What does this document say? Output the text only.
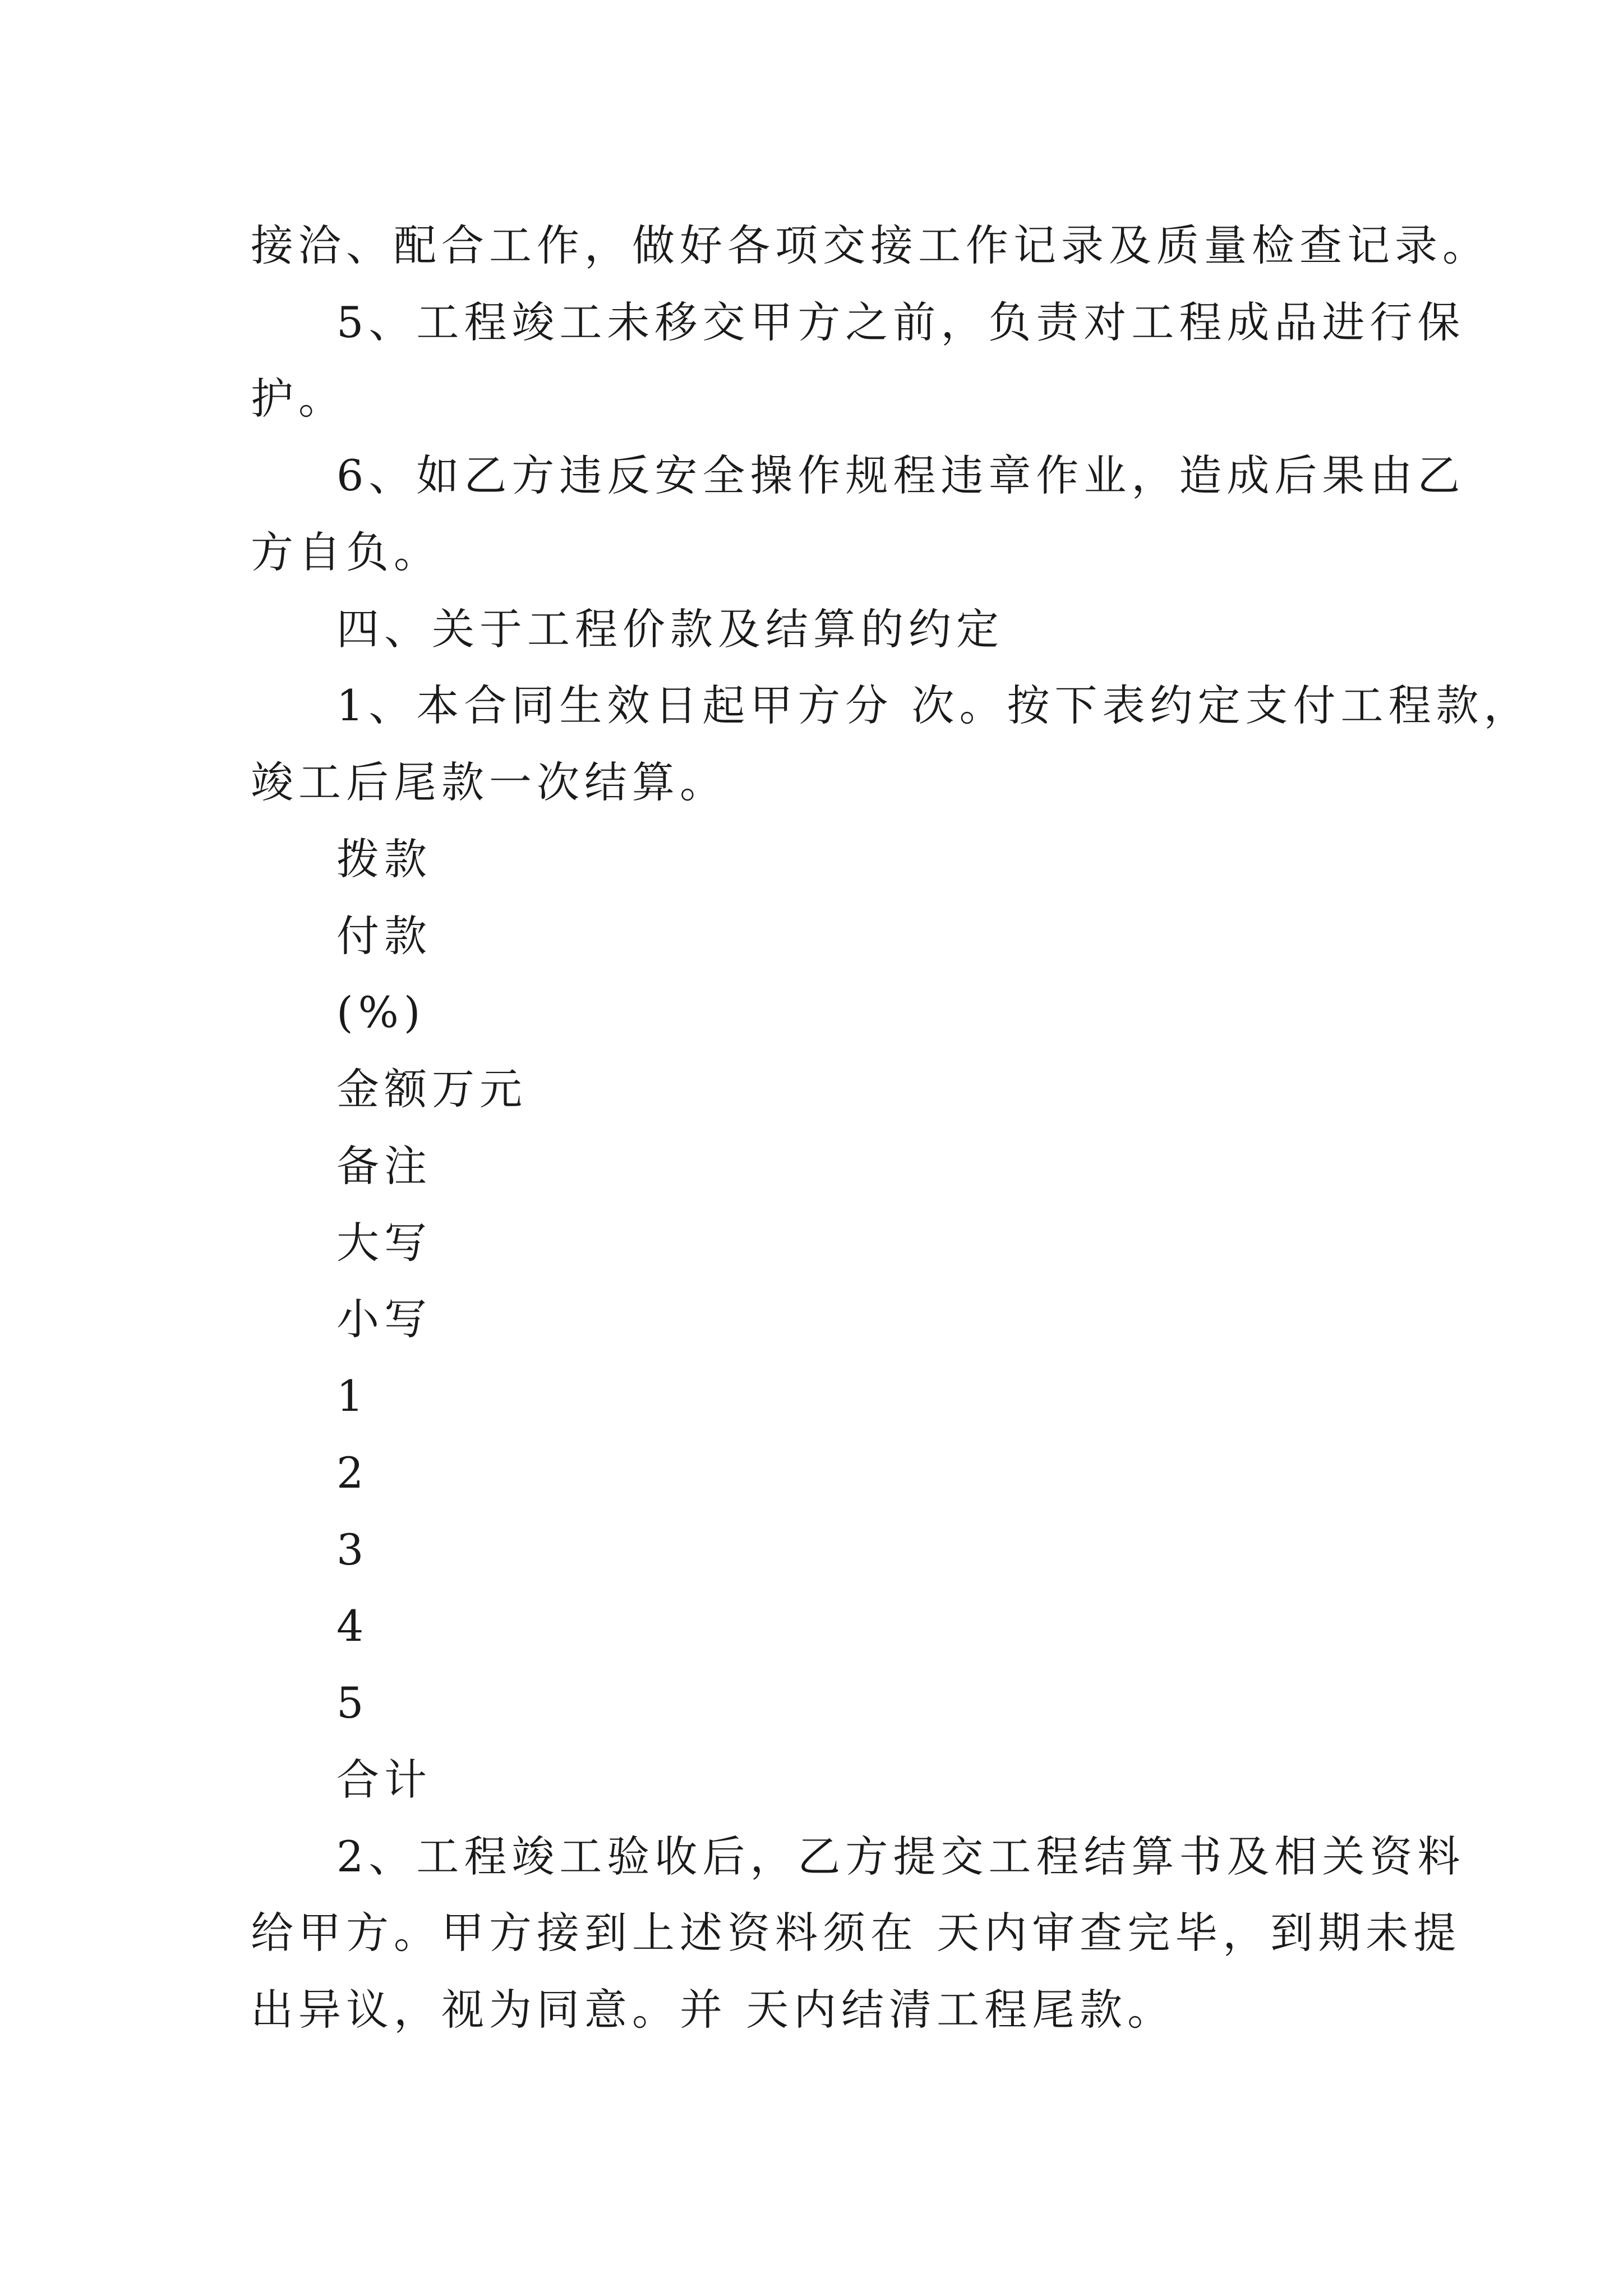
接洽、配合工作，做好各项交接工作记录及质量检查记录。

5、工程竣工未移交甲方之前，负责对工程成品进行保

护。

6、如乙方违反安全操作规程违章作业，造成后果由乙

方自负。

四、关于工程价款及结算的约定

1、本合同生效日起甲方分 次。按下表约定支付工程款，

竣工后尾款一次结算。

拨款

付款

(%)

金额万元

备注

大写

小写

1

2

3

4

5

合计

2、工程竣工验收后，乙方提交工程结算书及相关资料

给甲方。甲方接到上述资料须在 天内审查完毕，到期未提

出异议，视为同意。并 天内结清工程尾款。
